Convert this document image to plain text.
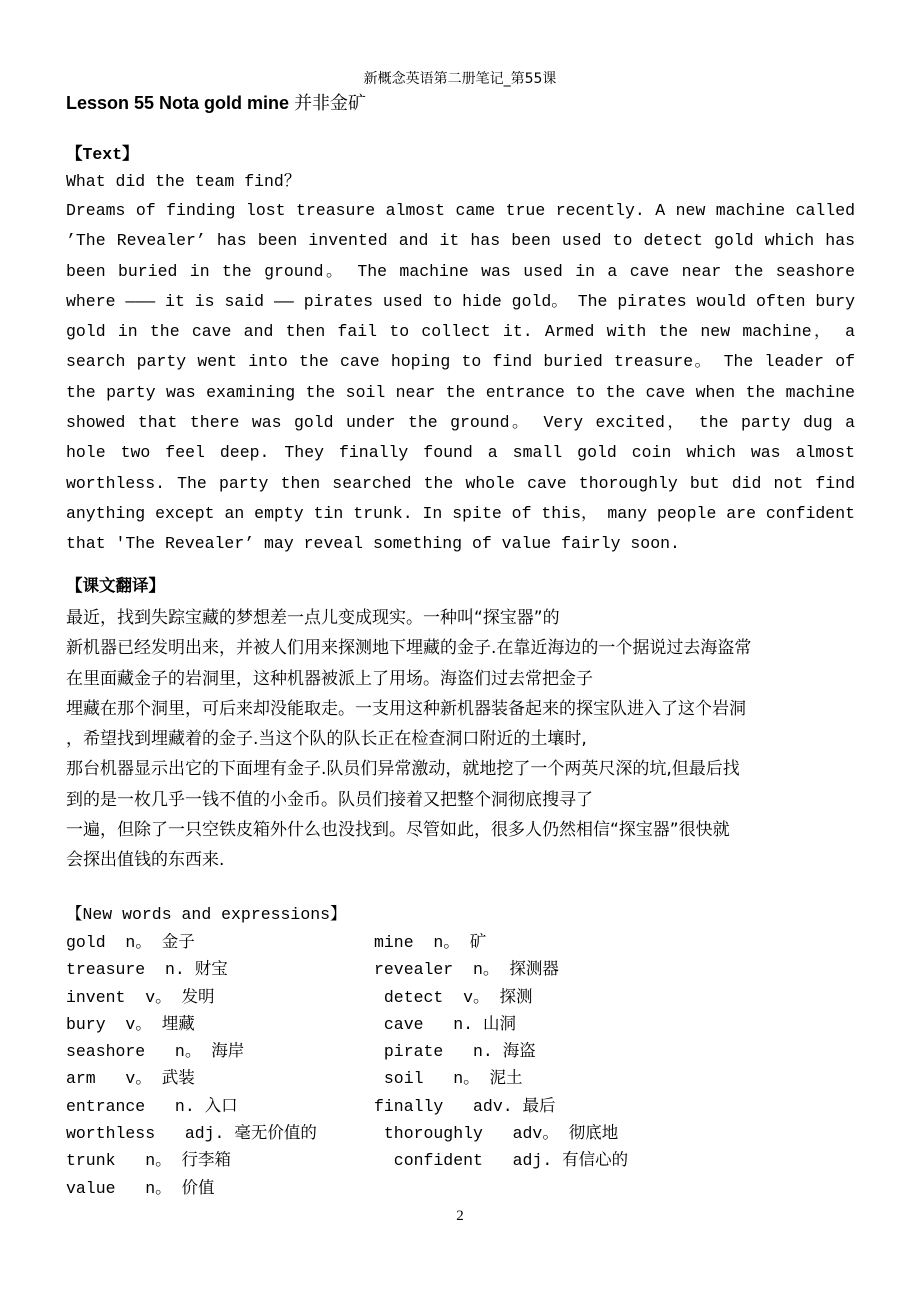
新概念英语第二册笔记_第55课
Lesson 55 Nota gold mine 并非金矿
【Text】
What did the team find？

Dreams of finding lost treasure almost came true recently. A new machine called ’The Revealer’ has been invented and it has been used to detect gold which has been buried in the ground。 The machine was used in a cave near the seashore where ——— it is said —— pirates used to hide gold。 The pirates would often bury gold in the cave and then fail to collect it. Armed with the new machine， a search party went into the cave hoping to find buried treasure。 The leader of the party was examining the soil near the entrance to the cave when the machine showed that there was gold under the ground。 Very excited， the party dug a hole two feel deep. They finally found a small gold coin which was almost worthless. The party then searched the whole cave thoroughly but did not find anything except an empty tin trunk. In spite of this， many people are confident that 'The Revealer’ may reveal something of value fairly soon.

【课文翻译】
最近，找到失踪宝藏的梦想差一点儿变成现实。一种叫“探宝器”的
新机器已经发明出来，并被人们用来探测地下埋藏的金子.在靠近海边的一个据说过去海盗常
在里面藏金子的岩洞里，这种机器被派上了用场。海盗们过去常把金子
埋藏在那个洞里，可后来却没能取走。一支用这种新机器装备起来的探宝队进入了这个岩洞
，希望找到埋藏着的金子.当这个队的队长正在检查洞口附近的土壤时,
那台机器显示出它的下面埋有金子.队员们异常激动，就地挖了一个两英尺深的坑,但最后找
到的是一枚几乎一钱不值的小金币。队员们接着又把整个洞彻底搜寻了
一遍，但除了一只空铁皮箱外什么也没找到。尽管如此，很多人仍然相信“探宝器”很快就
会探出值钱的东西来.
【New words and expressions】
gold  n。 金子	mine  n。 矿
treasure  n. 财宝	revealer  n。 探测器
invent  v。 发明	detect  v。 探测
bury  v。 埋藏	cave   n. 山洞
seashore   n。 海岸	pirate   n. 海盗
arm   v。 武装	soil   n。 泥土
entrance   n. 入口	finally   adv. 最后
worthless   adj. 毫无价值的	thoroughly   adv。 彻底地
trunk   n。 行李箱	confident   adj. 有信心的
value   n。 价值
2
